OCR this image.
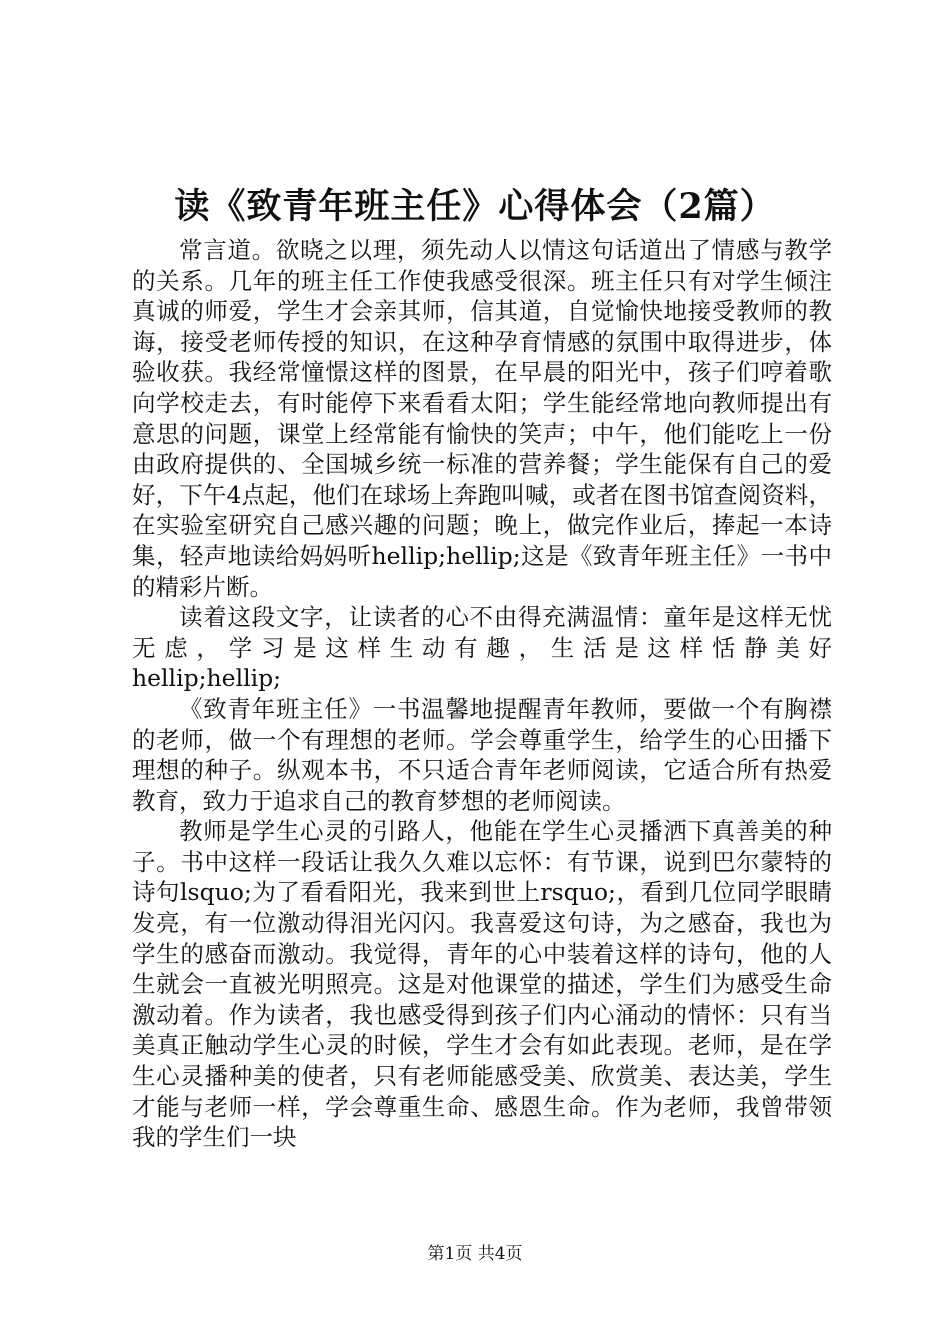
读《致青年班主任》心得体会（2篇）

常言道。欲晓之以理，须先动人以情这句话道出了情感与教学的关系。几年的班主任工作使我感受很深。班主任只有对学生倾注真诚的师爱，学生才会亲其师，信其道，自觉愉快地接受教师的教诲，接受老师传授的知识，在这种孕育情感的氛围中取得进步，体验收获。我经常憧憬这样的图景，在早晨的阳光中，孩子们哼着歌向学校走去，有时能停下来看看太阳；学生能经常地向教师提出有意思的问题，课堂上经常能有愉快的笑声；中午，他们能吃上一份由政府提供的、全国城乡统一标准的营养餐；学生能保有自己的爱好，下午4点起，他们在球场上奔跑叫喊，或者在图书馆查阅资料，在实验室研究自己感兴趣的问题；晚上，做完作业后，捧起一本诗集，轻声地读给妈妈听hellip;hellip;这是《致青年班主任》一书中的精彩片断。

读着这段文字，让读者的心不由得充满温情：童年是这样无忧无虑，学习是这样生动有趣，生活是这样恬静美好

hellip;hellip;

《致青年班主任》一书温馨地提醒青年教师，要做一个有胸襟的老师，做一个有理想的老师。学会尊重学生，给学生的心田播下理想的种子。纵观本书，不只适合青年老师阅读，它适合所有热爱教育，致力于追求自己的教育梦想的老师阅读。

教师是学生心灵的引路人，他能在学生心灵播洒下真善美的种子。书中这样一段话让我久久难以忘怀：有节课，说到巴尔蒙特的诗句lsquo;为了看看阳光，我来到世上rsquo;，看到几位同学眼睛发亮，有一位激动得泪光闪闪。我喜爱这句诗，为之感奋，我也为学生的感奋而激动。我觉得，青年的心中装着这样的诗句，他的人生就会一直被光明照亮。这是对他课堂的描述，学生们为感受生命激动着。作为读者，我也感受得到孩子们内心涌动的情怀：只有当美真正触动学生心灵的时候，学生才会有如此表现。老师，是在学生心灵播种美的使者，只有老师能感受美、欣赏美、表达美，学生才能与老师一样，学会尊重生命、感恩生命。作为老师，我曾带领我的学生们一块

第1页 共4页
